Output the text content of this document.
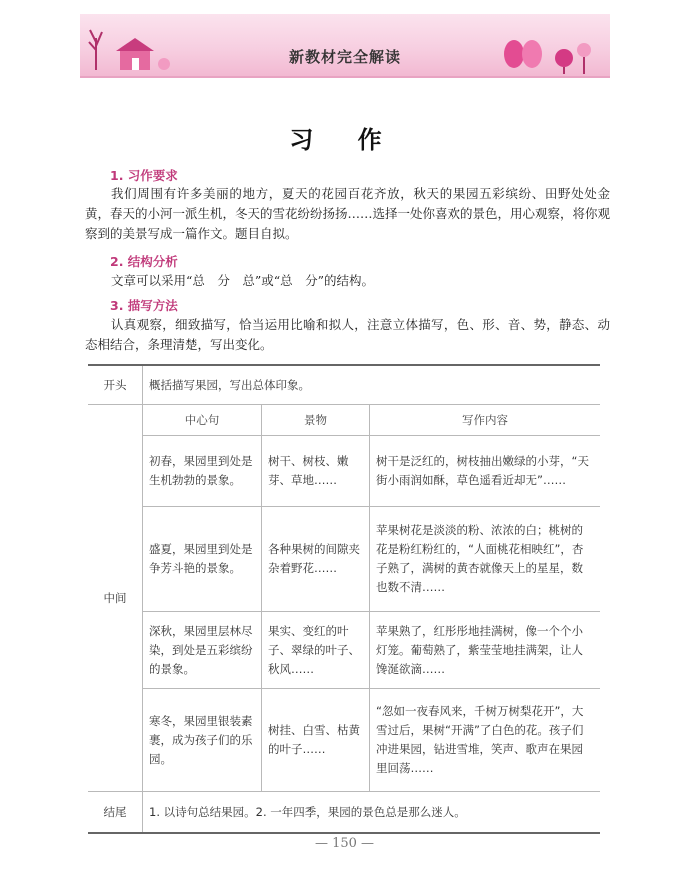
新教材完全解读
习 作
1. 习作要求

我们周围有许多美丽的地方，夏天的花园百花齐放，秋天的果园五彩缤纷、田野处处金黄，春天的小河一派生机，冬天的雪花纷纷扬扬……选择一处你喜欢的景色，用心观察，将你观察到的美景写成一篇作文。题目自拟。

2. 结构分析

文章可以采用“总　分　总”或“总　分”的结构。

3. 描写方法

认真观察，细致描写，恰当运用比喻和拟人，注意立体描写，色、形、音、势，静态、动态相结合，条理清楚，写出变化。

开头	概括描写果园，写出总体印象。		
中间	中心句	景物	写作内容
	初春，果园里到处是生机勃勃的景象。	树干、树枝、嫩芽、草地……	树干是泛红的，树枝抽出嫩绿的小芽，“天街小雨润如酥，草色遥看近却无”……
	盛夏，果园里到处是争芳斗艳的景象。	各种果树的间隙夹杂着野花……	苹果树花是淡淡的粉、浓浓的白；桃树的花是粉红粉红的，“人面桃花相映红”，杏子熟了，满树的黄杏就像天上的星星，数也数不清……
	深秋，果园里层林尽染，到处是五彩缤纷的景象。	果实、变红的叶子、翠绿的叶子、秋风……	苹果熟了，红彤彤地挂满树，像一个个小灯笼。葡萄熟了，紫莹莹地挂满架，让人馋涎欲滴……
	寒冬，果园里银装素裹，成为孩子们的乐园。	树挂、白雪、枯黄的叶子……	“忽如一夜春风来，千树万树梨花开”，大雪过后，果树“开满”了白色的花。孩子们冲进果园，钻进雪堆，笑声、歌声在果园里回荡……
结尾	1. 以诗句总结果园。2. 一年四季，果园的景色总是那么迷人。		
— 150 —
